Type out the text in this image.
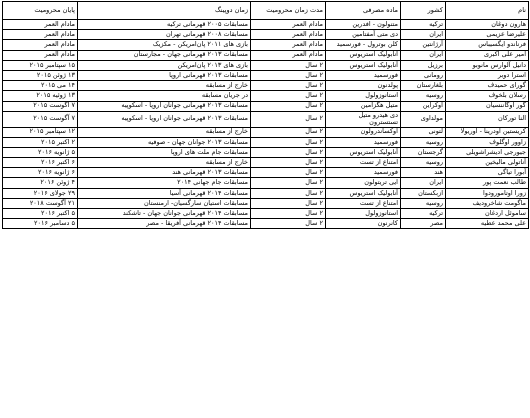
نام	کشور	ماده مصرفی	مدت زمان محرومیت	زمان دوپینگ	پایان محرومیت
هارون دوغان	ترکیه	متنولون - افدرین	مادام العمر	مسابقات ۲۰۰۵ قهرمانی ترکیه	مادام العمر
علیرضا عزیمی	ایران	دی متی آمفتامین	مادام العمر	مسابقات ۲۰۰۸ قهرمانی تهران	مادام العمر
فرناندو ایگسیباس	آرژانتین	کلن بوترول - فورسمید	مادام العمر	بازی های ۲۰۱۱ پان‌امریکن - مکزیک	مادام العمر
امیر علی اکبری	ایران	آنابولیک استریوس	مادام العمر	مسابقات ۲۰۱۳ قهرمانی جهان - مجارستان	مادام العمر
دانیل آلوارس مانوبو	برزیل	آنابولیک استریوس	۲ سال	بازی های ۲۰۱۳ پان‌امریکن	۱۵ سپتامبر ۲۰۱۵
استرا دوبر	رومانی	فورسمید	۲ سال	مسابقات ۲۰۱۳ قهرمانی اروپا	۱۳ ژوئن ۲۰۱۵
گورای حمیدف	بلغارستان	پولدنون	۲ سال	خارج از مسابقه	۱۴ می ۲۰۱۵
رسلان بلخوف	روسیه	استانوزولول	۲ سال	در جریان مسابقه	۱۳ ژوئیه ۲۰۱۵
گور اوگاننسیان	اوکراین	متیل هگزامین	۲ سال	مسابقات ۲۰۱۳ قهرمانی جوانان اروپا - اسکوپیه	۷ آگوست ۲۰۱۵
النا تورکان	مولداوی	دی هیدرو متیل تستسترون	۲ سال	مسابقات ۲۰۱۳ قهرمانی جوانان اروپا - اسکوپیه	۷ آگوست ۲۰۱۵
کریستین اودرینا - اوریولا	لتونی	اوکساندرولون	۲ سال	خارج از مسابقه	۱۲ سپتامبر ۲۰۱۵
زاوور اوگلوف	روسیه	فورسمید	۲ سال	مسابقات ۲۰۱۳ جوانان جهان - صوفیه	۲ اکتبر ۲۰۱۵
جیورجی ادیشراشویلی	گرجستان	آنابولیک استریوس	۲ سال	مسابقات جام ملت های اروپا	۵ ژانویه ۲۰۱۶
آناتولی مالیخین	روسیه	امتناع از تست	۲ سال	خارج از مسابقه	۶ اکتبر ۲۰۱۶
آبورا تیاگی	هند	فورسمید	۲ سال	مسابقات ۲۰۱۳ قهرمانی هند	۶ ژانویه ۲۰۱۶
طالب نعمت پور	ایران	ایی تریتولون	۲ سال	مسابقات جام جهانی ۲۰۱۴	۴ ژوئن ۲۰۱۶
زورا اوتامورودوا	ازبکستان	آنابولیک استریوس	۲ سال	مسابقات ۲۰۱۴ قهرمانی آسیا	۲۹ جولای ۲۰۱۶
ماگومت شاخروديف	روسیه	امتناع از تست	۲ سال	مسابقات استیان سارگسیان- ارمنستان	۲۱ آگوست ۲۰۱۸
ساموئل اردغان	ترکیه	استانوزولول	۲ سال	مسابقات ۲۰۱۴ قهرمانی جوانان جهان - تاشکند	۵ اکتبر ۲۰۱۶
علی محمد عطیه	مصر	کانرنون	۲ سال	مسابقات ۲۰۱۴ قهرمانی آفریقا - مصر	۵ دسامبر ۲۰۱۶
